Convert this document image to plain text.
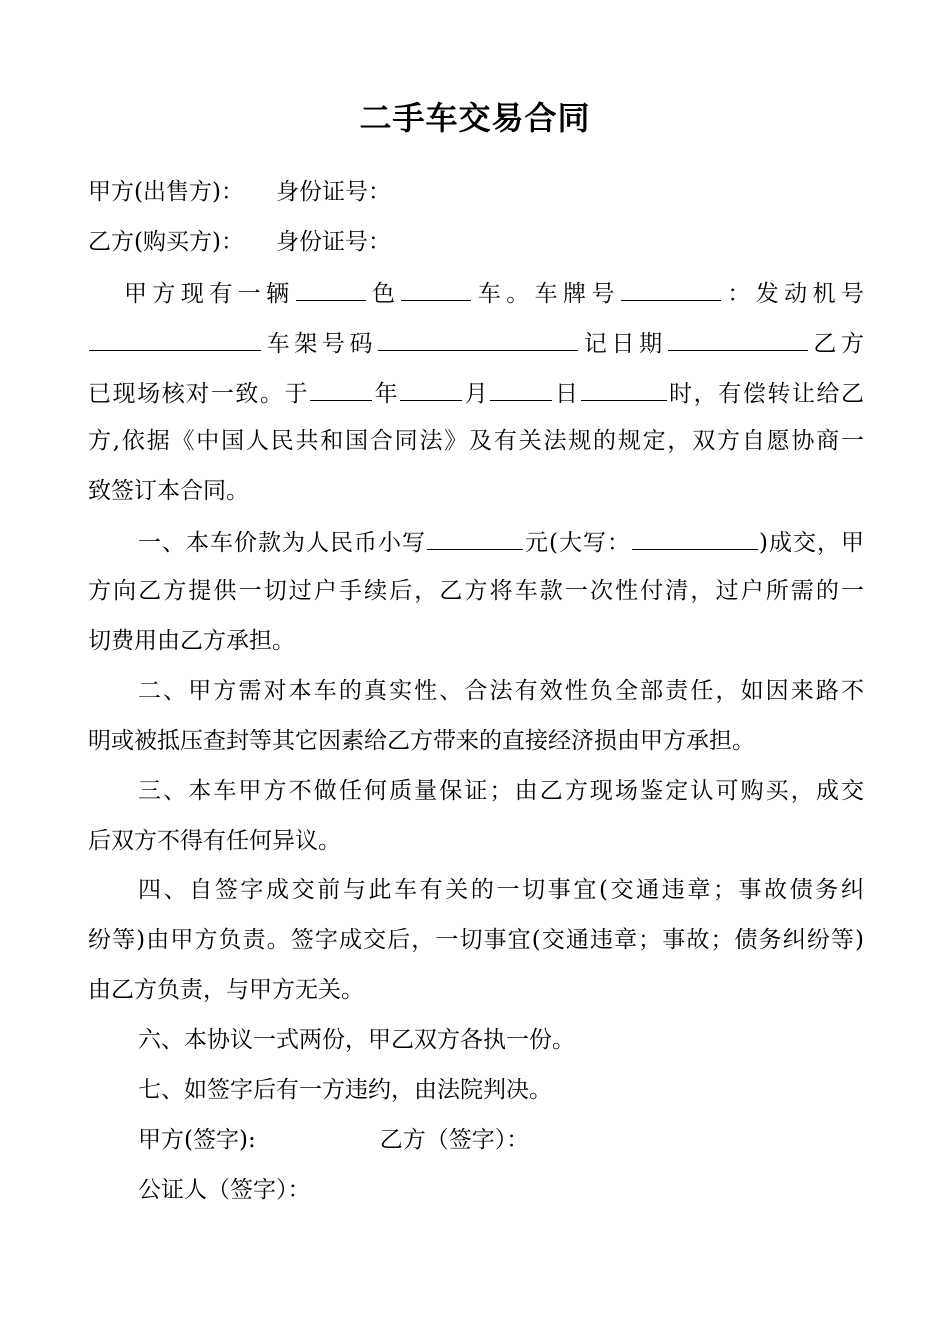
二手车交易合同
甲方(出售方)： 身份证号：
乙方(购买方)： 身份证号：
甲方现有一辆	色	车。车牌号	：发动机号
车架号码	记日期	乙方
已现场核对一致。于	年	月	日	时，有偿转让给乙
方,依据《中国人民共和国合同法》及有关法规的规定，双方自愿协商一
致签订本合同。
一、本车价款为人民币小写	元(大写：	)成交，甲
方向乙方提供一切过户手续后，乙方将车款一次性付清，过户所需的一
切费用由乙方承担。
二、甲方需对本车的真实性、合法有效性负全部责任，如因来路不
明或被抵压查封等其它因素给乙方带来的直接经济损由甲方承担。
三、本车甲方不做任何质量保证；由乙方现场鉴定认可购买，成交
后双方不得有任何异议。
四、自签字成交前与此车有关的一切事宜(交通违章；事故债务纠
纷等)由甲方负责。签字成交后，一切事宜(交通违章；事故；债务纠纷等)
由乙方负责，与甲方无关。
六、本协议一式两份，甲乙双方各执一份。
七、如签字后有一方违约，由法院判决。
甲方(签字):	乙方（签字）：
公证人（签字）：
